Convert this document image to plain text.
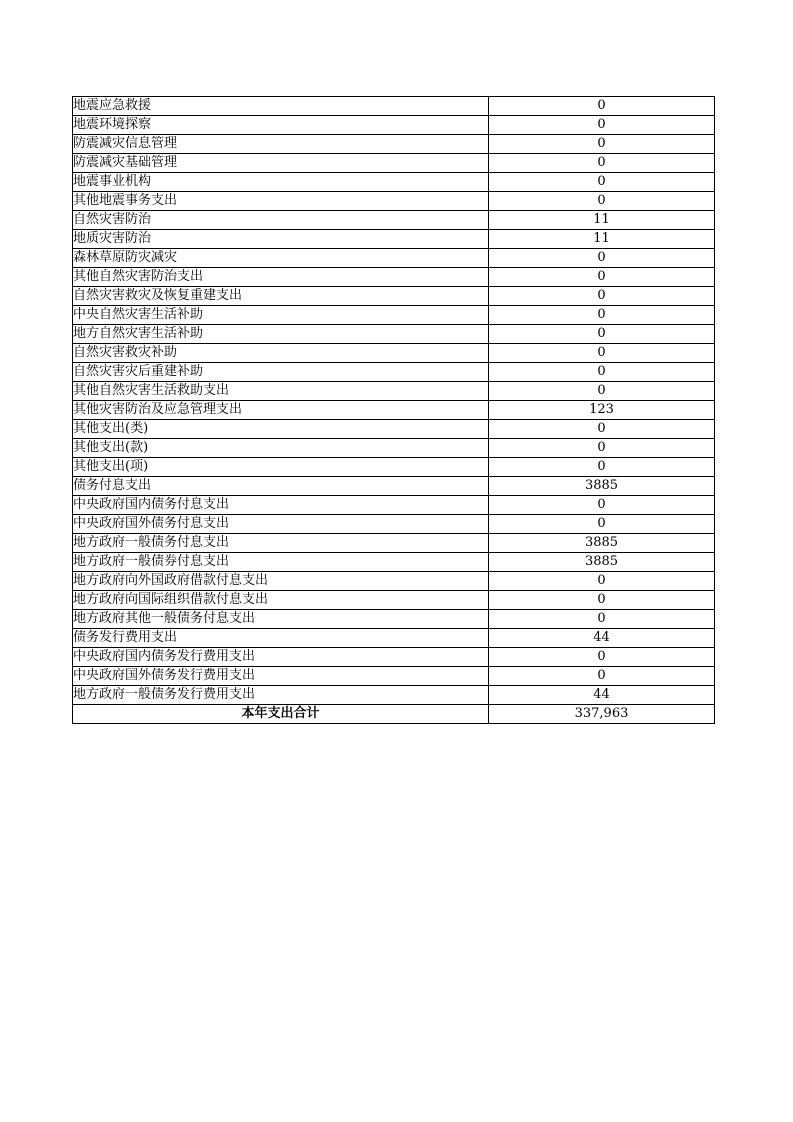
地震应急救援	0
地震环境探察	0
防震减灾信息管理	0
防震减灾基础管理	0
地震事业机构	0
其他地震事务支出	0
自然灾害防治	11
地质灾害防治	11
森林草原防灾减灾	0
其他自然灾害防治支出	0
自然灾害救灾及恢复重建支出	0
中央自然灾害生活补助	0
地方自然灾害生活补助	0
自然灾害救灾补助	0
自然灾害灾后重建补助	0
其他自然灾害生活救助支出	0
其他灾害防治及应急管理支出	123
其他支出(类)	0
其他支出(款)	0
其他支出(项)	0
债务付息支出	3885
中央政府国内债务付息支出	0
中央政府国外债务付息支出	0
地方政府一般债务付息支出	3885
地方政府一般债券付息支出	3885
地方政府向外国政府借款付息支出	0
地方政府向国际组织借款付息支出	0
地方政府其他一般债务付息支出	0
债务发行费用支出	44
中央政府国内债务发行费用支出	0
中央政府国外债务发行费用支出	0
地方政府一般债务发行费用支出	44
本年支出合计	337,963
